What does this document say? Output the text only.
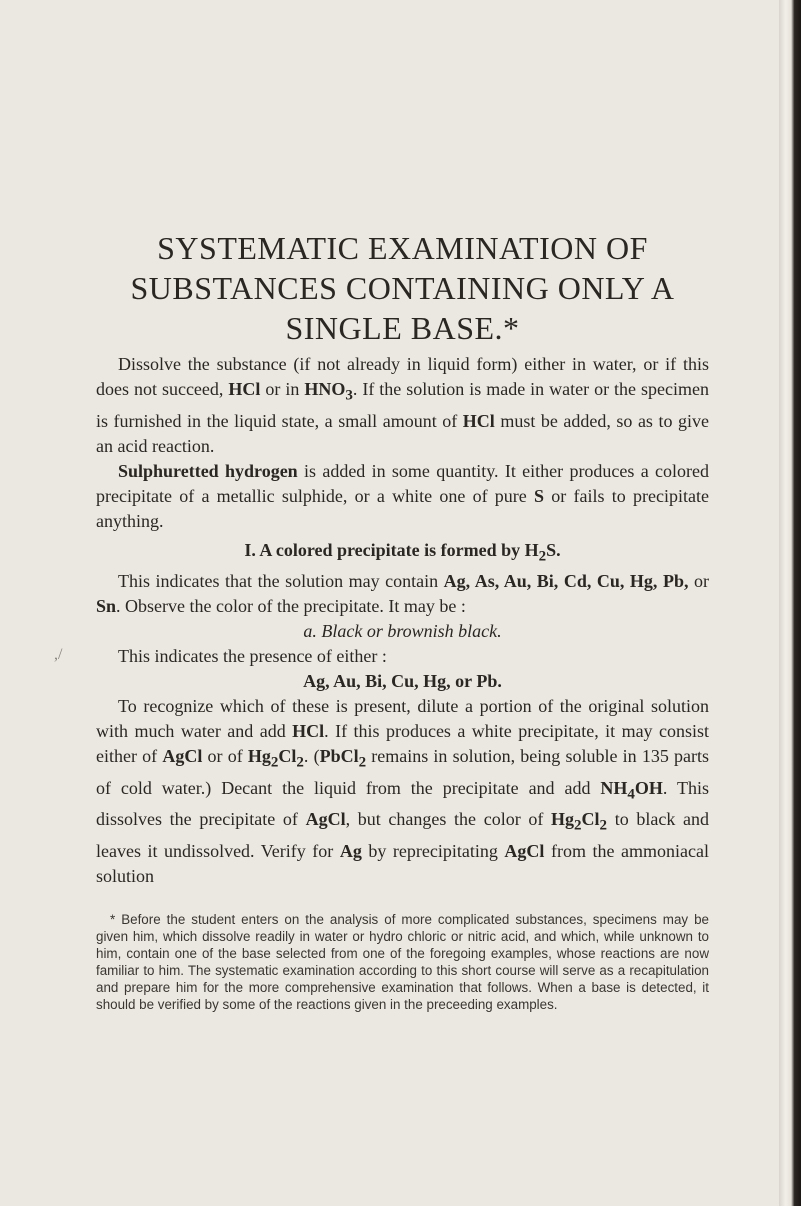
,/
SYSTEMATIC EXAMINATION OF
SUBSTANCES CONTAINING ONLY A
SINGLE BASE.*

Dissolve the substance (if not already in liquid form) either in water, or if this does not succeed, HCl or in $HNO_3$. If the solution is made in water or the specimen is furnished in the liquid state, a small amount of HCl must be added, so as to give an acid reaction.

Sulphuretted hydrogen is added in some quantity. It either produces a colored precipitate of a metallic sulphide, or a white one of pure S or fails to precipitate anything.

I. A colored precipitate is formed by $H_2S$.

This indicates that the solution may contain Ag, As, Au, Bi, Cd, Cu, Hg, Pb, or Sn. Observe the color of the precipitate. It may be :

a. Black or brownish black.

This indicates the presence of either :

Ag, Au, Bi, Cu, Hg, or Pb.

To recognize which of these is present, dilute a portion of the original solution with much water and add HCl. If this produces a white precipitate, it may consist either of AgCl or of $Hg_2Cl_2$. (PbCl$_2$ remains in solution, being soluble in 135 parts of cold water.) Decant the liquid from the precipitate and add $NH_4OH$. This dissolves the precipitate of AgCl, but changes the color of $Hg_2Cl_2$ to black and leaves it undissolved. Verify for Ag by reprecipitating AgCl from the ammoniacal solution

* Before the student enters on the analysis of more complicated substances, specimens may be given him, which dissolve readily in water or hydro chloric or nitric acid, and which, while unknown to him, contain one of the base selected from one of the foregoing examples, whose reactions are now familiar to him. The systematic examination according to this short course will serve as a recapitulation and prepare him for the more comprehensive examination that follows. When a base is detected, it should be verified by some of the reactions given in the preceeding examples.
